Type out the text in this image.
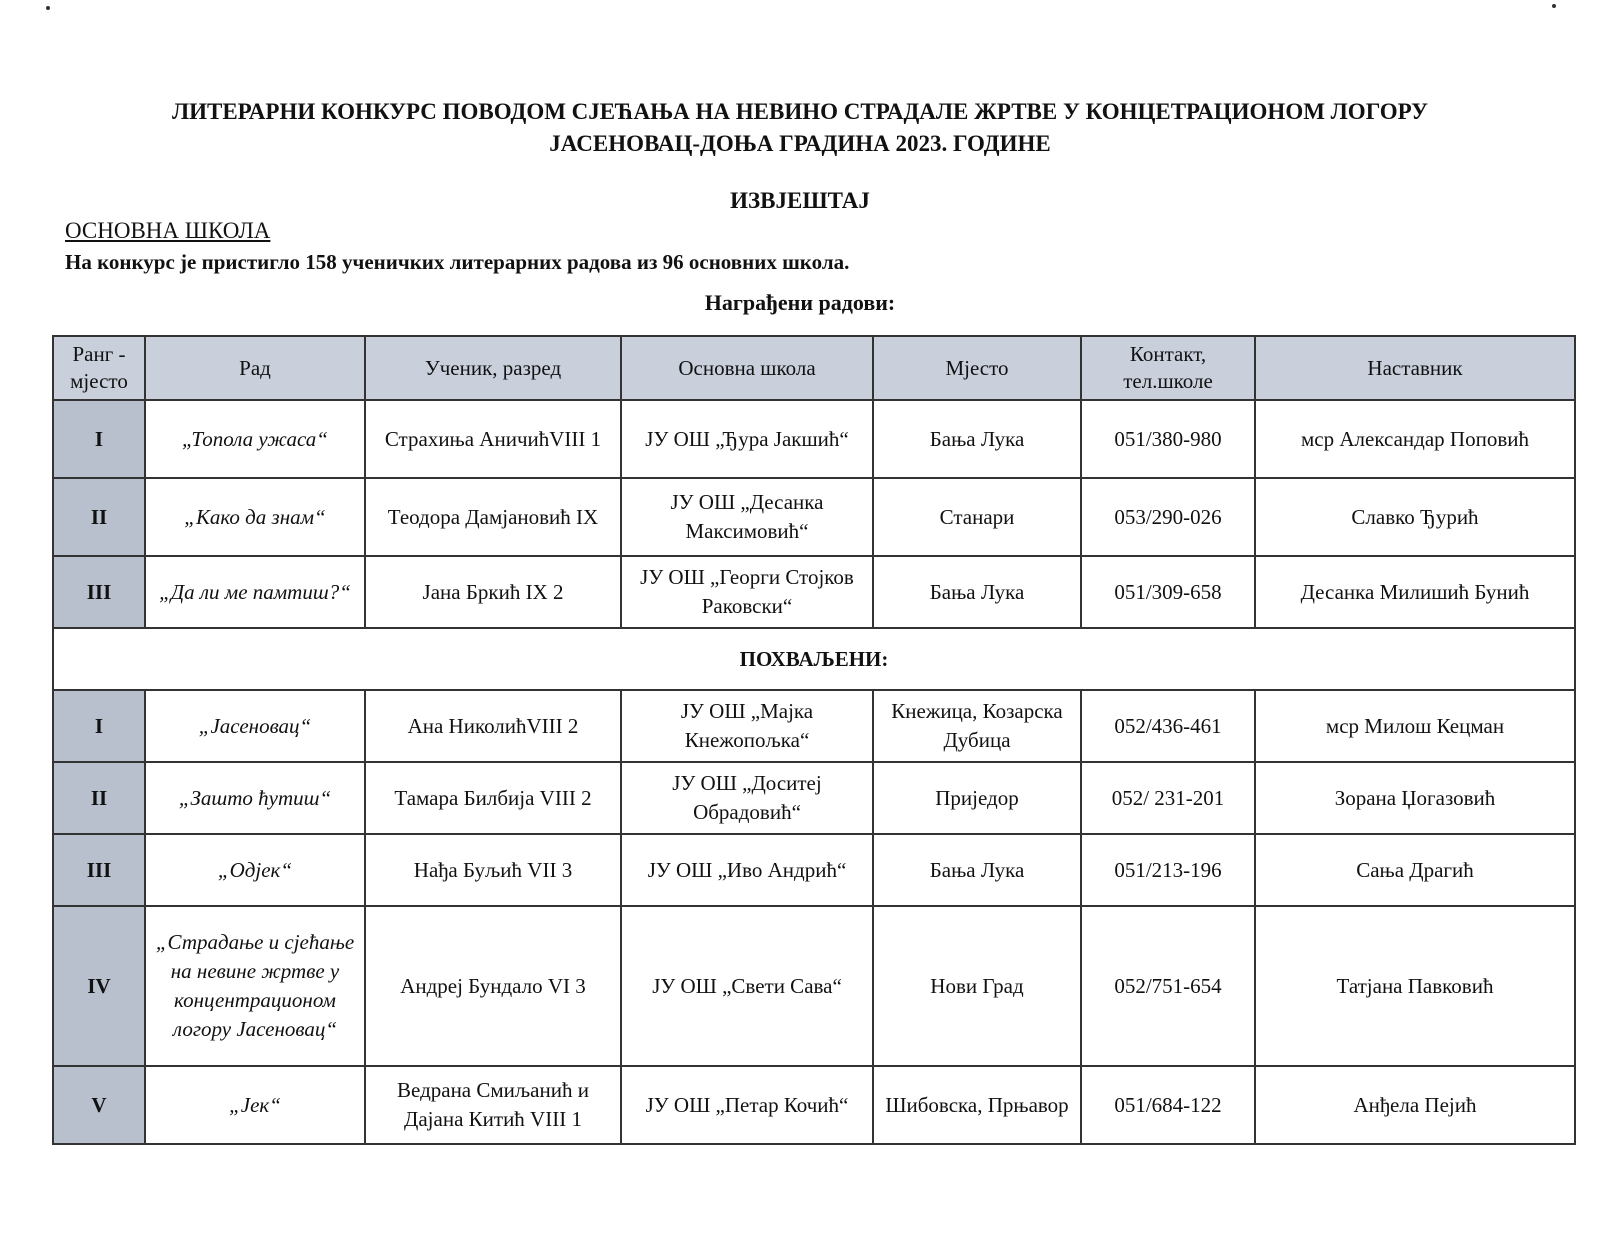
ЛИТЕРАРНИ КОНКУРС ПОВОДОМ СЈЕЋАЊА НА НЕВИНО СТРАДАЛЕ ЖРТВЕ У КОНЦЕТРАЦИОНОМ ЛОГОРУ
ЈАСЕНОВАЦ-ДОЊА ГРАДИНА 2023. ГОДИНЕ
ИЗВЈЕШТАЈ
ОСНОВНА ШКОЛА
На конкурс је пристигло 158 ученичких литерарних радова из 96 основних школа.
Награђени радови:
Ранг - мјесто	Рад	Ученик, разред	Основна школа	Мјесто	Контакт, тел.школе	Наставник
I	„Топола ужаса“	Страхиња АничићVIII 1	ЈУ ОШ „Ђура Јакшић“	Бања Лука	051/380-980	мср Александар Поповић
II	„Како да знам“	Теодора Дамјановић IX	ЈУ ОШ „Десанка Максимовић“	Станари	053/290-026	Славко Ђурић
III	„Да ли ме памтиш?“	Јана Бркић IX 2	ЈУ ОШ „Георги Стојков Раковски“	Бања Лука	051/309-658	Десанка Милишић Бунић
ПОХВАЉЕНИ:						
I	„Јасеновац“	Ана НиколићVIII 2	ЈУ ОШ „Мајка Кнежопољка“	Кнежица, Козарска Дубица	052/436-461	мср Милош Кецман
II	„Зашто ћутиш“	Тамара Билбија VIII 2	ЈУ ОШ „Доситеј Обрадовић“	Приједор	052/ 231-201	Зорана Џогазовић
III	„Одјек“	Нађа Буљић VII 3	ЈУ ОШ „Иво Андрић“	Бања Лука	051/213-196	Сања Драгић
IV	„Страдање и сјећање на невине жртве у концентрационом логору Јасеновац“	Андреј Бундало VI 3	ЈУ ОШ „Свети Сава“	Нови Град	052/751-654	Татјана Павковић
V	„Јек“	Ведрана Смиљанић и Дајана Китић VIII 1	ЈУ ОШ „Петар Кочић“	Шибовска, Прњавор	051/684-122	Анђела Пејић
